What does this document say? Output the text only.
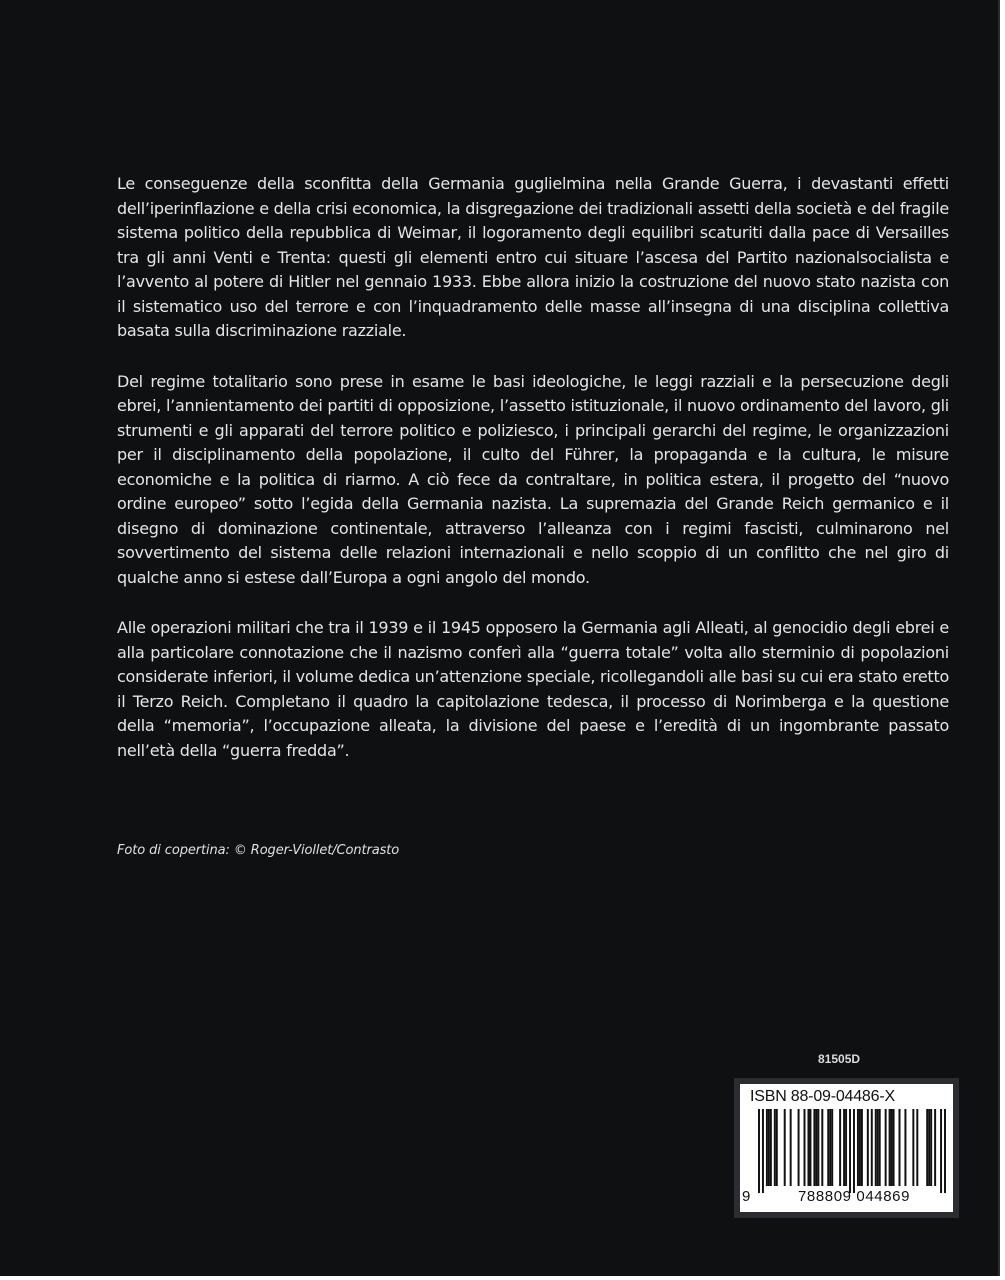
Le conseguenze della sconfitta della Germania guglielmina nella Grande Guerra, i devastanti effetti dell’iperinflazione e della crisi economica, la disgregazione dei tradizionali assetti della società e del fragile sistema politico della repubblica di Weimar, il logoramento degli equilibri scaturiti dalla pace di Versailles tra gli anni Venti e Trenta: questi gli elementi entro cui situare l’ascesa del Partito nazionalsocialista e l’avvento al potere di Hitler nel gennaio 1933. Ebbe allora inizio la costruzione del nuovo stato nazista con il sistematico uso del terrore e con l’inquadramento delle masse all’insegna di una disciplina collettiva basata sulla discriminazione razziale.

Del regime totalitario sono prese in esame le basi ideologiche, le leggi razziali e la persecuzione degli ebrei, l’annientamento dei partiti di opposizione, l’assetto istituzionale, il nuovo ordinamento del lavoro, gli strumenti e gli apparati del terrore politico e poliziesco, i principali gerarchi del regime, le organizzazioni per il disciplinamento della popolazione, il culto del Führer, la propaganda e la cultura, le misure economiche e la politica di riarmo. A ciò fece da contraltare, in politica estera, il progetto del “nuovo ordine europeo” sotto l’egida della Germania nazista. La supremazia del Grande Reich germanico e il disegno di dominazione continentale, attraverso l’alleanza con i regimi fascisti, culminarono nel sovvertimento del sistema delle relazioni internazionali e nello scoppio di un conflitto che nel giro di qualche anno si estese dall’Europa a ogni angolo del mondo.

Alle operazioni militari che tra il 1939 e il 1945 opposero la Germania agli Alleati, al genocidio degli ebrei e alla particolare connotazione che il nazismo conferì alla “guerra totale” volta allo sterminio di popolazioni considerate inferiori, il volume dedica un’attenzione speciale, ricollegandoli alle basi su cui era stato eretto il Terzo Reich. Completano il quadro la capitolazione tedesca, il processo di Norimberga e la questione della “memoria”, l’occupazione alleata, la divisione del paese e l’eredità di un ingombrante passato nell’età della “guerra fredda”.

Foto di copertina: © Roger-Viollet/Contrasto
81505D
ISBN 88-09-04486-X
9	788809 044869
